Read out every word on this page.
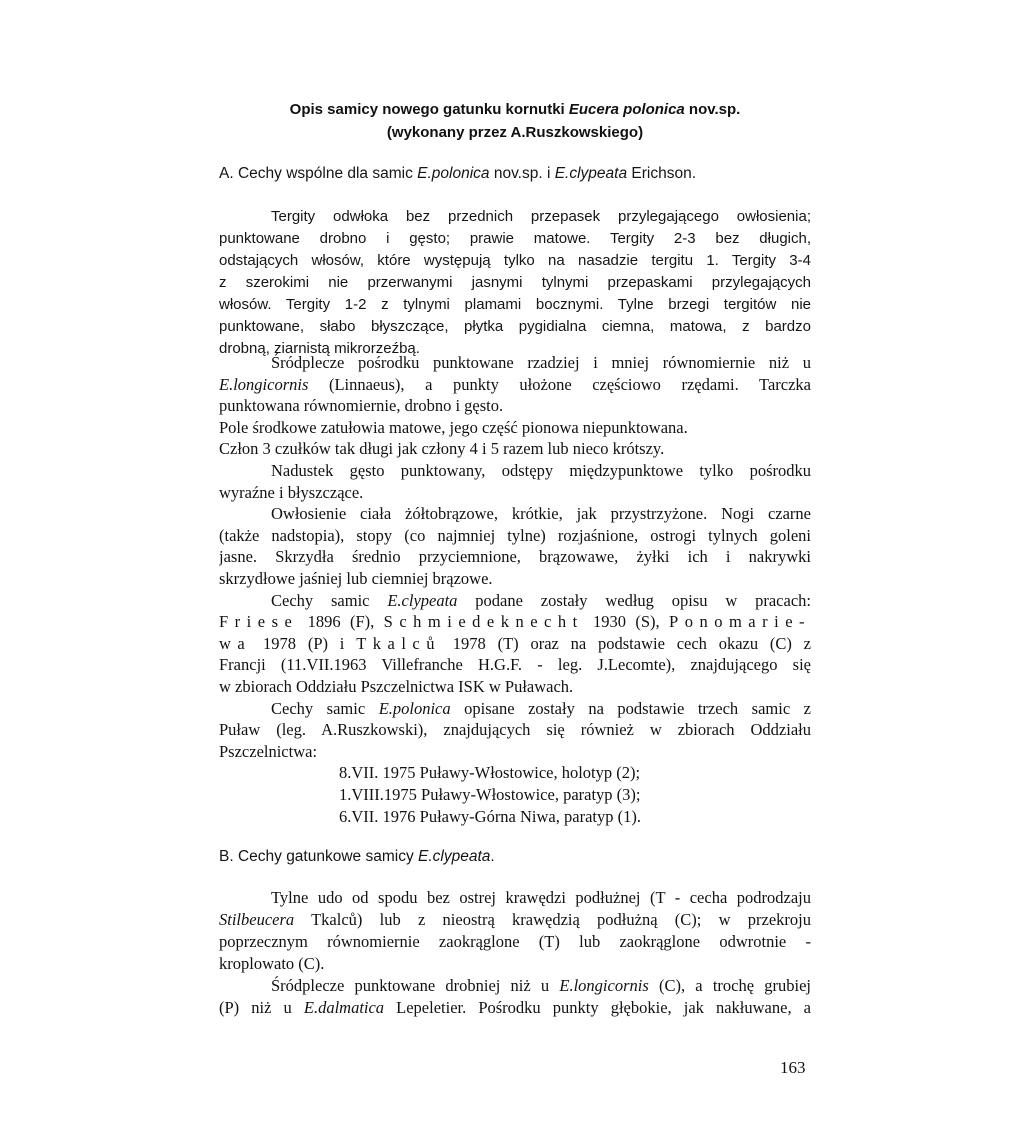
Opis samicy nowego gatunku kornutki Eucera polonica nov.sp.
(wykonany przez A.Ruszkowskiego)
A. Cechy wspólne dla samic E.polonica nov.sp. i E.clypeata Erichson.
Tergity odwłoka bez przednich przepasek przylegającego owłosienia;
punktowane drobno i gęsto; prawie matowe. Tergity 2-3 bez długich,
odstających włosów, które występują tylko na nasadzie tergitu 1. Tergity 3-4
z szerokimi nie przerwanymi jasnymi tylnymi przepaskami przylegających
włosów. Tergity 1-2 z tylnymi plamami bocznymi. Tylne brzegi tergitów nie
punktowane, słabo błyszczące, płytka pygidialna ciemna, matowa, z bardzo
drobną, ziarnistą mikrorzeźbą.
Śródplecze pośrodku punktowane rzadziej i mniej równomiernie niż u
E.longicornis (Linnaeus), a punkty ułożone częściowo rzędami. Tarczka
punktowana równomiernie, drobno i gęsto.
Pole środkowe zatułowia matowe, jego część pionowa niepunktowana.
Człon 3 czułków tak długi jak człony 4 i 5 razem lub nieco krótszy.
Nadustek gęsto punktowany, odstępy międzypunktowe tylko pośrodku
wyraźne i błyszczące.
Owłosienie ciała żółtobrązowe, krótkie, jak przystrzyżone. Nogi czarne
(także nadstopia), stopy (co najmniej tylne) rozjaśnione, ostrogi tylnych goleni
jasne. Skrzydła średnio przyciemnione, brązowawe, żyłki ich i nakrywki
skrzydłowe jaśniej lub ciemniej brązowe.
Cechy samic E.clypeata podane zostały według opisu w pracach:
Friese 1896 (F), Schmiedeknecht 1930 (S), Ponomarie-
wa 1978 (P) i Tkalců 1978 (T) oraz na podstawie cech okazu (C) z
Francji (11.VII.1963 Villefranche H.G.F. - leg. J.Lecomte), znajdującego się
w zbiorach Oddziału Pszczelnictwa ISK w Puławach.
Cechy samic E.polonica opisane zostały na podstawie trzech samic z
Puław (leg. A.Ruszkowski), znajdujących się również w zbiorach Oddziału
Pszczelnictwa:
8.VII. 1975 Puławy-Włostowice, holotyp (2);
1.VIII.1975 Puławy-Włostowice, paratyp (3);
6.VII. 1976 Puławy-Górna Niwa, paratyp (1).
B. Cechy gatunkowe samicy E.clypeata.
Tylne udo od spodu bez ostrej krawędzi podłużnej (T - cecha podrodzaju
Stilbeucera Tkalců) lub z nieostrą krawędzią podłużną (C); w przekroju
poprzecznym równomiernie zaokrąglone (T) lub zaokrąglone odwrotnie -
kroplowato (C).
Śródplecze punktowane drobniej niż u E.longicornis (C), a trochę grubiej
(P) niż u E.dalmatica Lepeletier. Pośrodku punkty głębokie, jak nakłuwane, a
163
